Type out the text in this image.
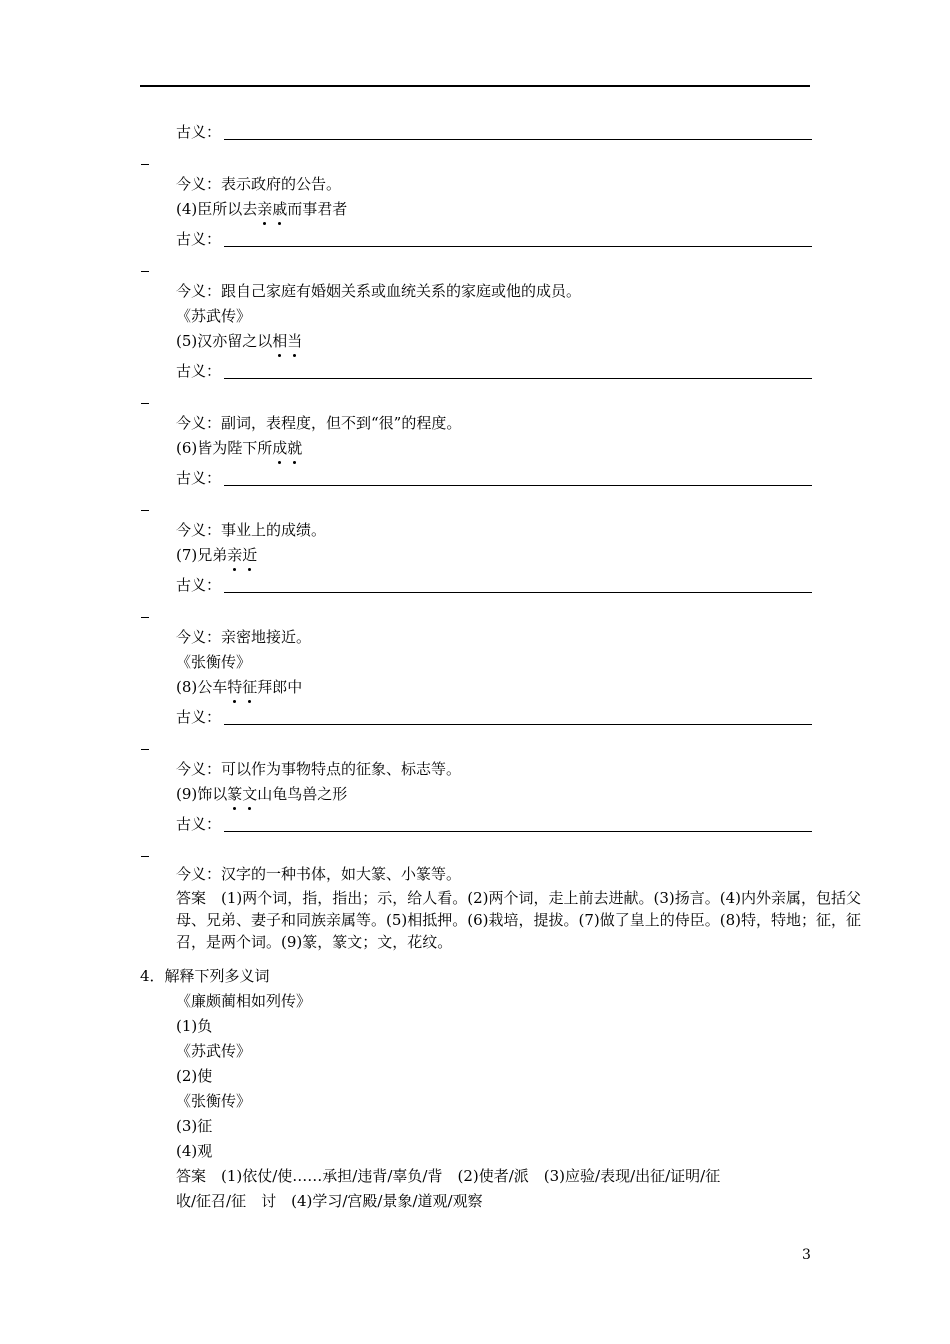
古义：
今义：表示政府的公告。
(4)臣所以去亲戚而事君者
古义：
今义：跟自己家庭有婚姻关系或血统关系的家庭或他的成员。
《苏武传》
(5)汉亦留之以相当
古义：
今义：副词，表程度，但不到“很”的程度。
(6)皆为陛下所成就
古义：
今义：事业上的成绩。
(7)兄弟亲近
古义：
今义：亲密地接近。
《张衡传》
(8)公车特征拜郎中
古义：
今义：可以作为事物特点的征象、标志等。
(9)饰以篆文山龟鸟兽之形
古义：
今义：汉字的一种书体，如大篆、小篆等。
答案　(1)两个词，指，指出；示，给人看。(2)两个词，走上前去进献。(3)扬言。(4)内外亲属，包括父母、兄弟、妻子和同族亲属等。(5)相抵押。(6)栽培，提拔。(7)做了皇上的侍臣。(8)特，特地；征，征召，是两个词。(9)篆，篆文；文，花纹。
4．解释下列多义词
《廉颇蔺相如列传》
(1)负
《苏武传》
(2)使
《张衡传》
(3)征
(4)观
答案　(1)依仗/使……承担/违背/辜负/背　(2)使者/派　(3)应验/表现/出征/证明/征
收/征召/征　讨　(4)学习/宫殿/景象/道观/观察
3
